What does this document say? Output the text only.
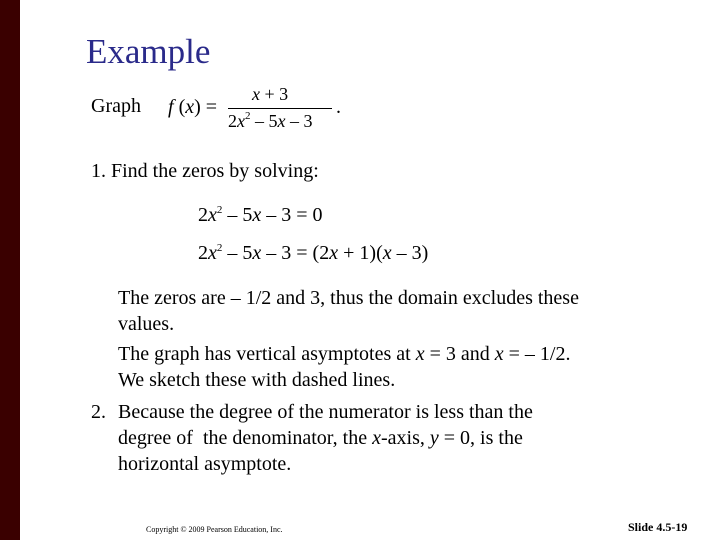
Example
Graph f (x) =
x + 3
$2x^2 - 5x - 3$
.
1. Find the zeros by solving:
$2x^2 - 5x - 3 = 0$
$2x^2 - 5x - 3 = (2x + 1)(x - 3)$
The zeros are – 1/2 and 3, thus the domain excludes these
values.
The graph has vertical asymptotes at x = 3 and x = – 1/2.
We sketch these with dashed lines.
2. Because the degree of the numerator is less than the
degree of  the denominator, the x-axis, y = 0, is the
horizontal asymptote.
Copyright © 2009 Pearson Education, Inc.	Slide 4.5-19
